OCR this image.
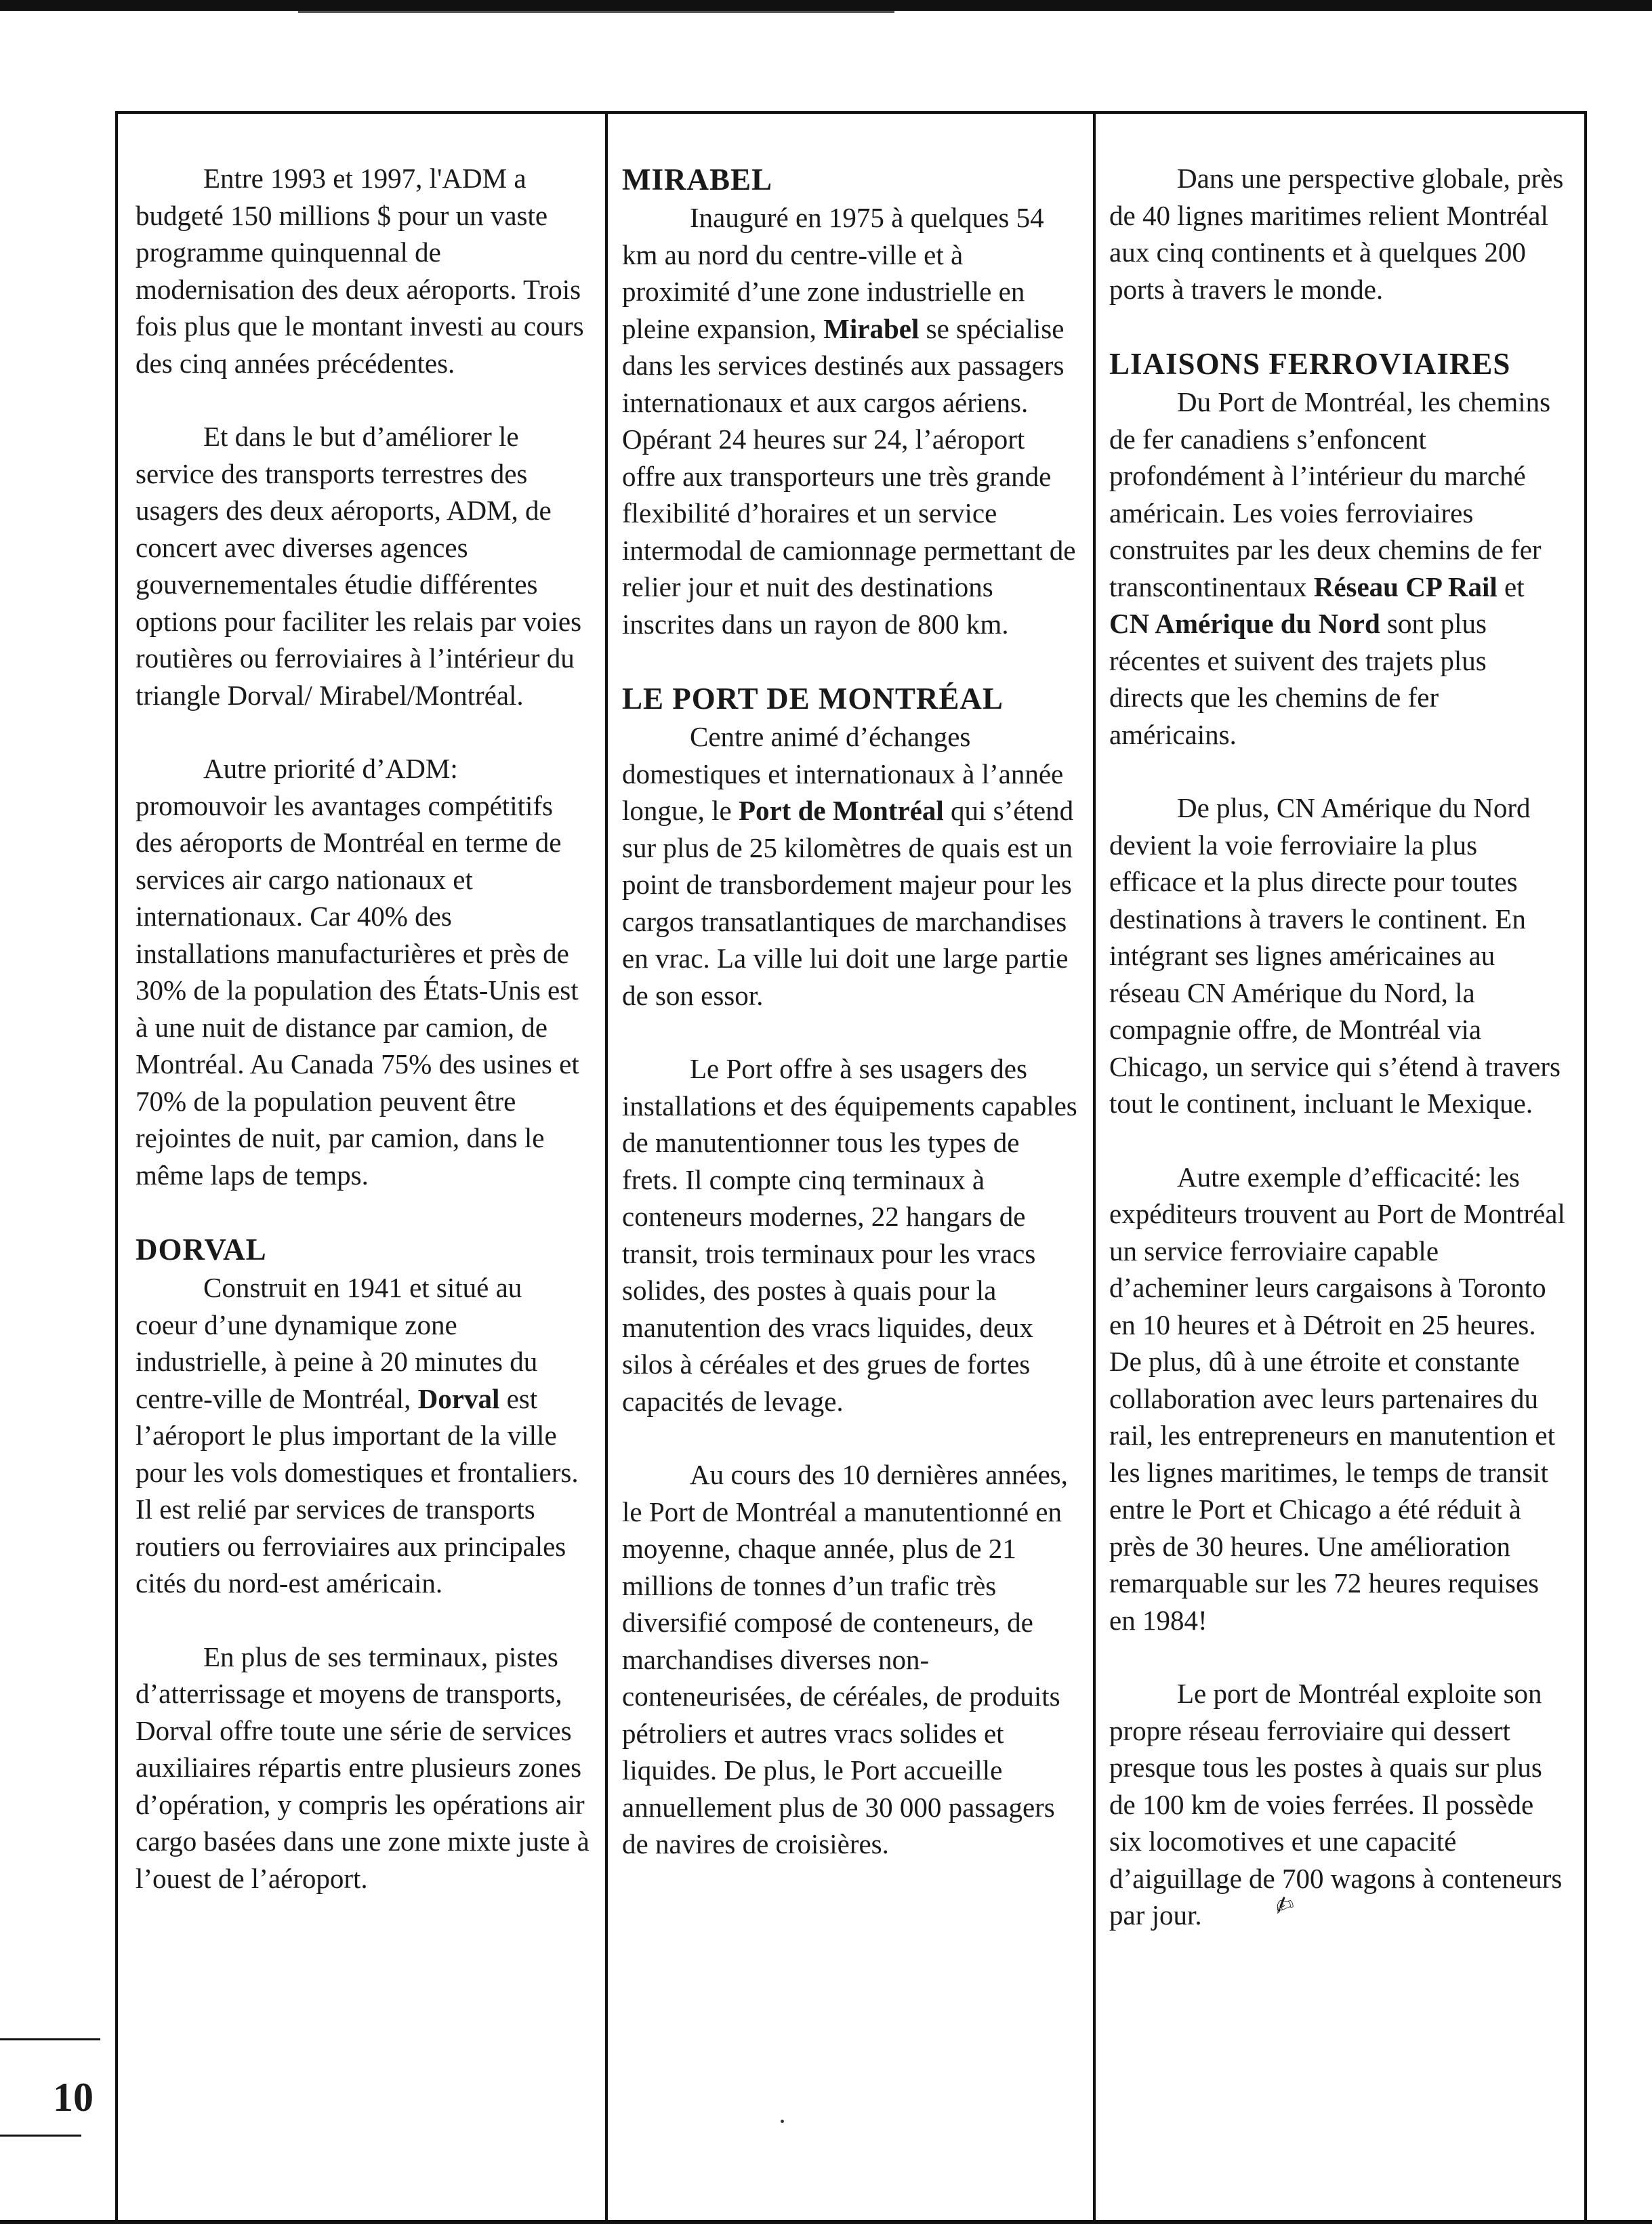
Entre 1993 et 1997, l'ADM a budgeté 150 millions $ pour un vaste programme quinquennal de modernisation des deux aéroports. Trois fois plus que le montant investi au cours des cinq années précédentes.

Et dans le but d’améliorer le service des transports terrestres des usagers des deux aéroports, ADM, de concert avec diverses agences gouvernementales étudie différentes options pour faciliter les relais par voies routières ou ferroviaires à l’intérieur du triangle Dorval/ Mirabel/Montréal.

Autre priorité d’ADM: promouvoir les avantages compétitifs des aéroports de Montréal en terme de services air cargo nationaux et internationaux. Car 40% des installations manufacturières et près de 30% de la population des États-Unis est à une nuit de distance par camion, de Montréal. Au Canada 75% des usines et 70% de la population peuvent être rejointes de nuit, par camion, dans le même laps de temps.

DORVAL

Construit en 1941 et situé au coeur d’une dynamique zone industrielle, à peine à 20 minutes du centre-ville de Montréal, Dorval est l’aéroport le plus important de la ville pour les vols domestiques et frontaliers. Il est relié par services de transports routiers ou ferroviaires aux principales cités du nord-est américain.

En plus de ses terminaux, pistes d’atterrissage et moyens de transports, Dorval offre toute une série de services auxiliaires répartis entre plusieurs zones d’opération, y compris les opérations air cargo basées dans une zone mixte juste à l’ouest de l’aéroport.

MIRABEL

Inauguré en 1975 à quelques 54 km au nord du centre-ville et à proximité d’une zone industrielle en pleine expansion, Mirabel se spécialise dans les services destinés aux passagers internationaux et aux cargos aériens. Opérant 24 heures sur 24, l’aéroport offre aux transporteurs une très grande flexibilité d’horaires et un service intermodal de camionnage permettant de relier jour et nuit des destinations inscrites dans un rayon de 800 km.

LE PORT DE MONTRÉAL

Centre animé d’échanges domestiques et internationaux à l’année longue, le Port de Montréal qui s’étend sur plus de 25 kilomètres de quais est un point de transbordement majeur pour les cargos transatlantiques de marchandises en vrac. La ville lui doit une large partie de son essor.

Le Port offre à ses usagers des installations et des équipements capables de manutentionner tous les types de frets. Il compte cinq terminaux à conteneurs modernes, 22 hangars de transit, trois terminaux pour les vracs solides, des postes à quais pour la manutention des vracs liquides, deux silos à céréales et des grues de fortes capacités de levage.

Au cours des 10 dernières années, le Port de Montréal a manutentionné en moyenne, chaque année, plus de 21 millions de tonnes d’un trafic très diversifié composé de conteneurs, de marchandises diverses non-conteneurisées, de céréales, de produits pétroliers et autres vracs solides et liquides. De plus, le Port accueille annuellement plus de 30 000 passagers de navires de croisières.

Dans une perspective globale, près de 40 lignes maritimes relient Montréal aux cinq continents et à quelques 200 ports à travers le monde.

LIAISONS FERROVIAIRES

Du Port de Montréal, les chemins de fer canadiens s’enfoncent profondément à l’intérieur du marché américain. Les voies ferroviaires construites par les deux chemins de fer transcontinentaux Réseau CP Rail et CN Amérique du Nord sont plus récentes et suivent des trajets plus directs que les chemins de fer américains.

De plus, CN Amérique du Nord devient la voie ferroviaire la plus efficace et la plus directe pour toutes destinations à travers le continent. En intégrant ses lignes américaines au réseau CN Amérique du Nord, la compagnie offre, de Montréal via Chicago, un service qui s’étend à travers tout le continent, incluant le Mexique.

Autre exemple d’efficacité: les expéditeurs trouvent au Port de Montréal un service ferroviaire capable d’acheminer leurs cargaisons à Toronto en 10 heures et à Détroit en 25 heures. De plus, dû à une étroite et constante collaboration avec leurs partenaires du rail, les entrepreneurs en manutention et les lignes maritimes, le temps de transit entre le Port et Chicago a été réduit à près de 30 heures. Une amélioration remarquable sur les 72 heures requises en 1984!

Le port de Montréal exploite son propre réseau ferroviaire qui dessert presque tous les postes à quais sur plus de 100 km de voies ferrées. Il possède six locomotives et une capacité d’aiguillage de 700 wagons à conteneurs par jour.	✍

10
